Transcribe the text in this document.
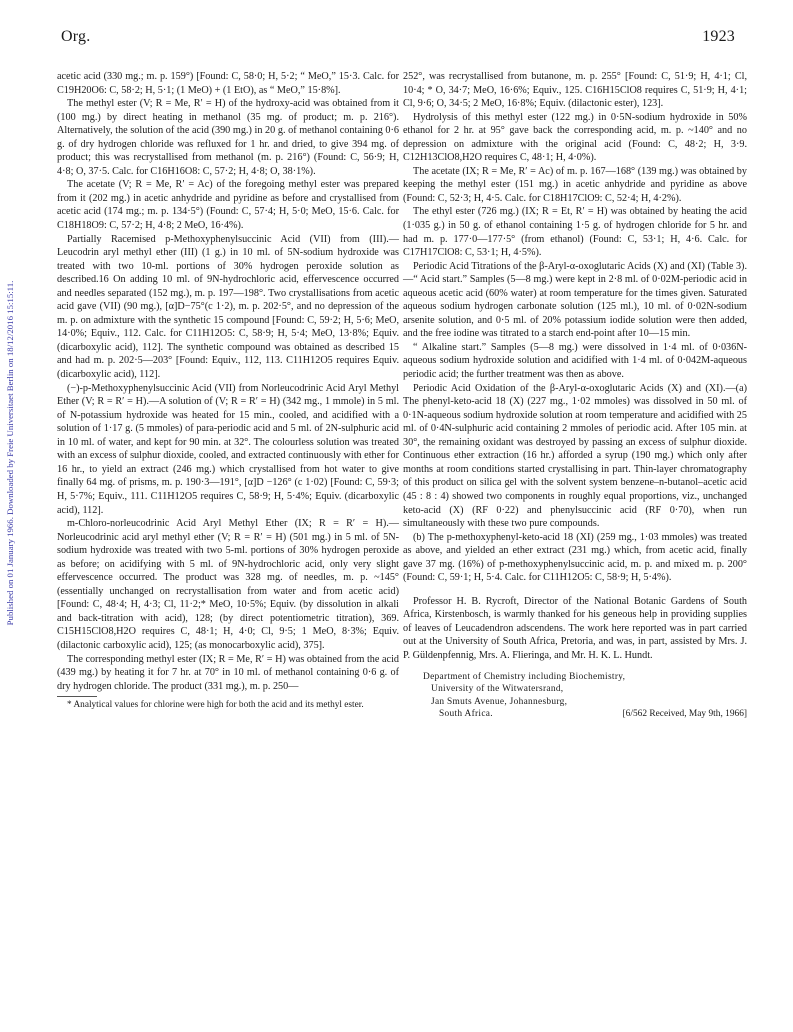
Org.	1923
Published on 01 January 1966. Downloaded by Freie Universitaet Berlin on 18/12/2016 15:15:11.

acetic acid (330 mg.; m. p. 159°) [Found: C, 58·0; H, 5·2; “ MeO,” 15·3. Calc. for C19H20O6: C, 58·2; H, 5·1; (1 MeO) + (1 EtO), as “ MeO,” 15·8%].

The methyl ester (V; R = Me, R′ = H) of the hydroxy-acid was obtained from it (100 mg.) by direct heating in methanol (35 mg. of product; m. p. 216°). Alternatively, the solution of the acid (390 mg.) in 20 g. of methanol containing 0·6 g. of dry hydrogen chloride was refluxed for 1 hr. and dried, to give 394 mg. of product; this was recrystallised from methanol (m. p. 216°) (Found: C, 56·9; H, 4·8; O, 37·5. Calc. for C16H16O8: C, 57·2; H, 4·8; O, 38·1%).

The acetate (V; R = Me, R′ = Ac) of the foregoing methyl ester was prepared from it (202 mg.) in acetic anhydride and pyridine as before and crystallised from acetic acid (174 mg.; m. p. 134·5°) (Found: C, 57·4; H, 5·0; MeO, 15·6. Calc. for C18H18O9: C, 57·2; H, 4·8; 2 MeO, 16·4%).

Partially Racemised p-Methoxyphenylsuccinic Acid (VII) from (III).—Leucodrin aryl methyl ether (III) (1 g.) in 10 ml. of 5N-sodium hydroxide was treated with two 10-ml. portions of 30% hydrogen peroxide solution as described.16 On adding 10 ml. of 9N-hydrochloric acid, effervescence occurred and needles separated (152 mg.), m. p. 197—198°. Two crystallisations from acetic acid gave (VII) (90 mg.), [α]D−75°(c 1·2), m. p. 202·5°, and no depression of the m. p. on admixture with the synthetic 15 compound [Found: C, 59·2; H, 5·6; MeO, 14·0%; Equiv., 112. Calc. for C11H12O5: C, 58·9; H, 5·4; MeO, 13·8%; Equiv. (dicarboxylic acid), 112]. The synthetic compound was obtained as described 15 and had m. p. 202·5—203° [Found: Equiv., 112, 113. C11H12O5 requires Equiv. (dicarboxylic acid), 112].

(−)-p-Methoxyphenylsuccinic Acid (VII) from Norleucodrinic Acid Aryl Methyl Ether (V; R = R′ = H).—A solution of (V; R = R′ = H) (342 mg., 1 mmole) in 5 ml. of N-potassium hydroxide was heated for 15 min., cooled, and acidified with a solution of 1·17 g. (5 mmoles) of para-periodic acid and 5 ml. of 2N-sulphuric acid in 10 ml. of water, and kept for 90 min. at 32°. The colourless solution was treated with an excess of sulphur dioxide, cooled, and extracted continuously with ether for 16 hr., to yield an extract (246 mg.) which crystallised from hot water to give finally 64 mg. of prisms, m. p. 190·3—191°, [α]D −126° (c 1·02) [Found: C, 59·3; H, 5·7%; Equiv., 111. C11H12O5 requires C, 58·9; H, 5·4%; Equiv. (dicarboxylic acid), 112].

m-Chloro-norleucodrinic Acid Aryl Methyl Ether (IX; R = R′ = H).—Norleucodrinic acid aryl methyl ether (V; R = R′ = H) (501 mg.) in 5 ml. of 5N-sodium hydroxide was treated with two 5-ml. portions of 30% hydrogen peroxide as before; on acidifying with 5 ml. of 9N-hydrochloric acid, only very slight effervescence occurred. The product was 328 mg. of needles, m. p. ~145° (essentially unchanged on recrystallisation from water and from acetic acid) [Found: C, 48·4; H, 4·3; Cl, 11·2;* MeO, 10·5%; Equiv. (by dissolution in alkali and back-titration with acid), 128; (by direct potentiometric titration), 369. C15H15ClO8,H2O requires C, 48·1; H, 4·0; Cl, 9·5; 1 MeO, 8·3%; Equiv. (dilactonic carboxylic acid), 125; (as monocarboxylic acid), 375].

The corresponding methyl ester (IX; R = Me, R′ = H) was obtained from the acid (439 mg.) by heating it for 7 hr. at 70° in 10 ml. of methanol containing 0·6 g. of dry hydrogen chloride. The product (331 mg.), m. p. 250—

* Analytical values for chlorine were high for both the acid and its methyl ester.

252°, was recrystallised from butanone, m. p. 255° [Found: C, 51·9; H, 4·1; Cl, 10·4; * O, 34·7; MeO, 16·6%; Equiv., 125. C16H15ClO8 requires C, 51·9; H, 4·1; Cl, 9·6; O, 34·5; 2 MeO, 16·8%; Equiv. (dilactonic ester), 123].

Hydrolysis of this methyl ester (122 mg.) in 0·5N-sodium hydroxide in 50% ethanol for 2 hr. at 95° gave back the corresponding acid, m. p. ~140° and no depression on admixture with the original acid (Found: C, 48·2; H, 3·9. C12H13ClO8,H2O requires C, 48·1; H, 4·0%).

The acetate (IX; R = Me, R′ = Ac) of m. p. 167—168° (139 mg.) was obtained by keeping the methyl ester (151 mg.) in acetic anhydride and pyridine as above (Found: C, 52·3; H, 4·5. Calc. for C18H17ClO9: C, 52·4; H, 4·2%).

The ethyl ester (726 mg.) (IX; R = Et, R′ = H) was obtained by heating the acid (1·035 g.) in 50 g. of ethanol containing 1·5 g. of hydrogen chloride for 5 hr. and had m. p. 177·0—177·5° (from ethanol) (Found: C, 53·1; H, 4·6. Calc. for C17H17ClO8: C, 53·1; H, 4·5%).

Periodic Acid Titrations of the β-Aryl-α-oxoglutaric Acids (X) and (XI) (Table 3).—“ Acid start.” Samples (5—8 mg.) were kept in 2·8 ml. of 0·02M-periodic acid in aqueous acetic acid (60% water) at room temperature for the times given. Saturated aqueous sodium hydrogen carbonate solution (125 ml.), 10 ml. of 0·02N-sodium arsenite solution, and 0·5 ml. of 20% potassium iodide solution were then added, and the free iodine was titrated to a starch end-point after 10—15 min.

“ Alkaline start.” Samples (5—8 mg.) were dissolved in 1·4 ml. of 0·036N-aqueous sodium hydroxide solution and acidified with 1·4 ml. of 0·042M-aqueous periodic acid; the further treatment was then as above.

Periodic Acid Oxidation of the β-Aryl-α-oxoglutaric Acids (X) and (XI).—(a) The phenyl-keto-acid 18 (X) (227 mg., 1·02 mmoles) was dissolved in 50 ml. of 0·1N-aqueous sodium hydroxide solution at room temperature and acidified with 25 ml. of 0·4N-sulphuric acid containing 2 mmoles of periodic acid. After 105 min. at 30°, the remaining oxidant was destroyed by passing an excess of sulphur dioxide. Continuous ether extraction (16 hr.) afforded a syrup (190 mg.) which only after months at room conditions started crystallising in part. Thin-layer chromatography of this product on silica gel with the solvent system benzene–n-butanol–acetic acid (45 : 8 : 4) showed two components in roughly equal proportions, viz., unchanged keto-acid (X) (RF 0·22) and phenylsuccinic acid (RF 0·70), when run simultaneously with these two pure compounds.

(b) The p-methoxyphenyl-keto-acid 18 (XI) (259 mg., 1·03 mmoles) was treated as above, and yielded an ether extract (231 mg.) which, from acetic acid, finally gave 37 mg. (16%) of p-methoxyphenylsuccinic acid, m. p. and mixed m. p. 200° (Found: C, 59·1; H, 5·4. Calc. for C11H12O5: C, 58·9; H, 5·4%).

Professor H. B. Rycroft, Director of the National Botanic Gardens of South Africa, Kirstenbosch, is warmly thanked for his geneous help in providing supplies of leaves of Leucadendron adscendens. The work here reported was in part carried out at the University of South Africa, Pretoria, and was, in part, assisted by Mrs. J. P. Güldenpfennig, Mrs. A. Flieringa, and Mr. H. K. L. Hundt.

Department of Chemistry including Biochemistry,
University of the Witwatersrand,
Jan Smuts Avenue, Johannesburg,
South Africa.	[6/562 Received, May 9th, 1966]
